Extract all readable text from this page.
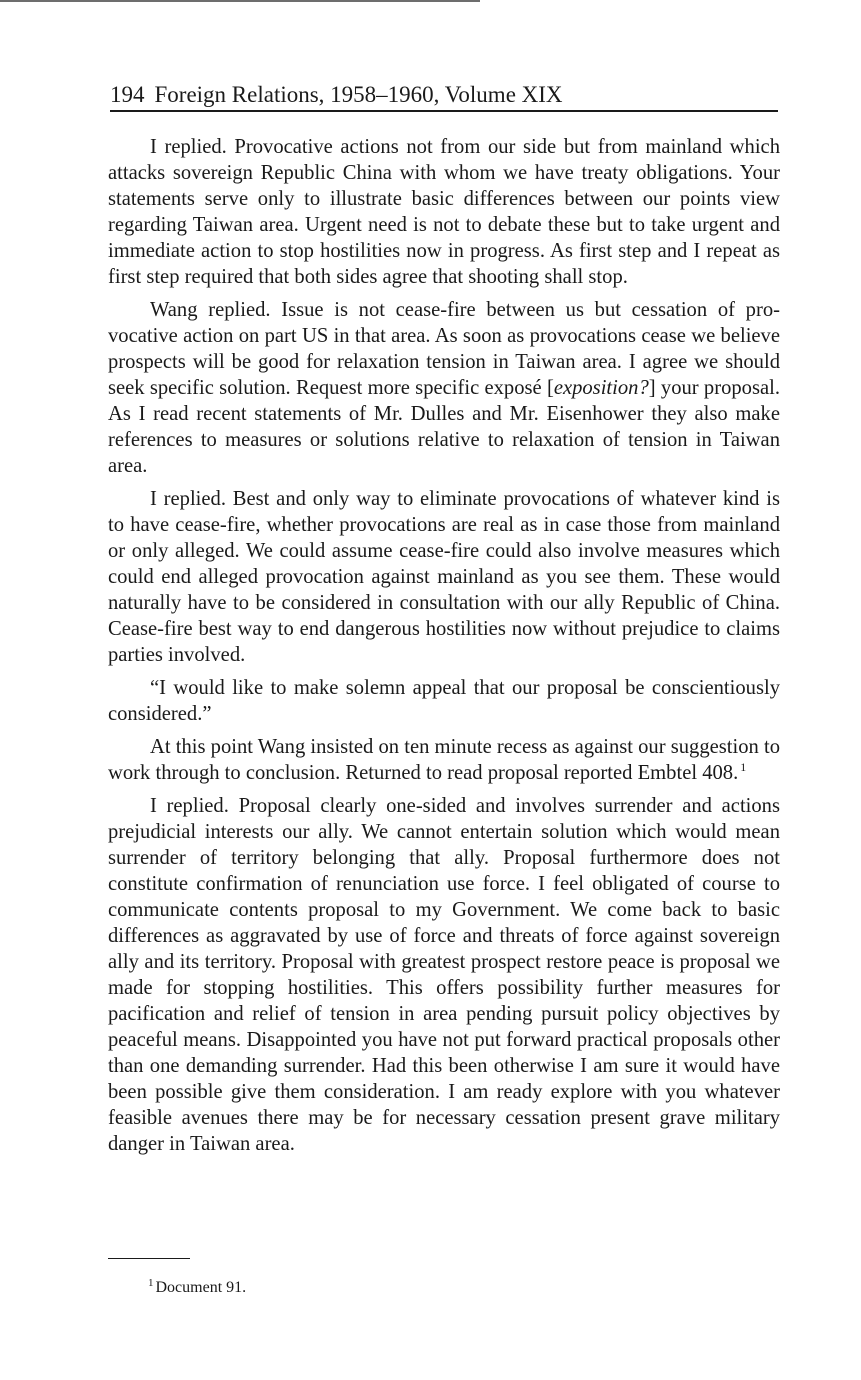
194 Foreign Relations, 1958–1960, Volume XIX

I replied. Provocative actions not from our side but from mainland which attacks sovereign Republic China with whom we have treaty obligations. Your statements serve only to illustrate basic differences between our points view regarding Taiwan area. Urgent need is not to debate these but to take urgent and immediate action to stop hostilities now in progress. As first step and I repeat as first step required that both sides agree that shooting shall stop.

Wang replied. Issue is not cease-fire between us but cessation of provocative action on part US in that area. As soon as provocations cease we believe prospects will be good for relaxation tension in Taiwan area. I agree we should seek specific solution. Request more specific exposé [exposition?] your proposal. As I read recent statements of Mr. Dulles and Mr. Eisenhower they also make references to measures or solutions relative to relaxation of tension in Taiwan area.

I replied. Best and only way to eliminate provocations of whatever kind is to have cease-fire, whether provocations are real as in case those from mainland or only alleged. We could assume cease-fire could also involve measures which could end alleged provocation against mainland as you see them. These would naturally have to be considered in consultation with our ally Republic of China. Cease-fire best way to end dangerous hostilities now without prejudice to claims parties involved.

“I would like to make solemn appeal that our proposal be conscientiously considered.”

At this point Wang insisted on ten minute recess as against our suggestion to work through to conclusion. Returned to read proposal reported Embtel 408. $^1$

I replied. Proposal clearly one-sided and involves surrender and actions prejudicial interests our ally. We cannot entertain solution which would mean surrender of territory belonging that ally. Proposal furthermore does not constitute confirmation of renunciation use force. I feel obligated of course to communicate contents proposal to my Government. We come back to basic differences as aggravated by use of force and threats of force against sovereign ally and its territory. Proposal with greatest prospect restore peace is proposal we made for stopping hostilities. This offers possibility further measures for pacification and relief of tension in area pending pursuit policy objectives by peaceful means. Disappointed you have not put forward practical proposals other than one demanding surrender. Had this been otherwise I am sure it would have been possible give them consideration. I am ready explore with you whatever feasible avenues there may be for necessary cessation present grave military danger in Taiwan area.

$^1$ Document 91.
